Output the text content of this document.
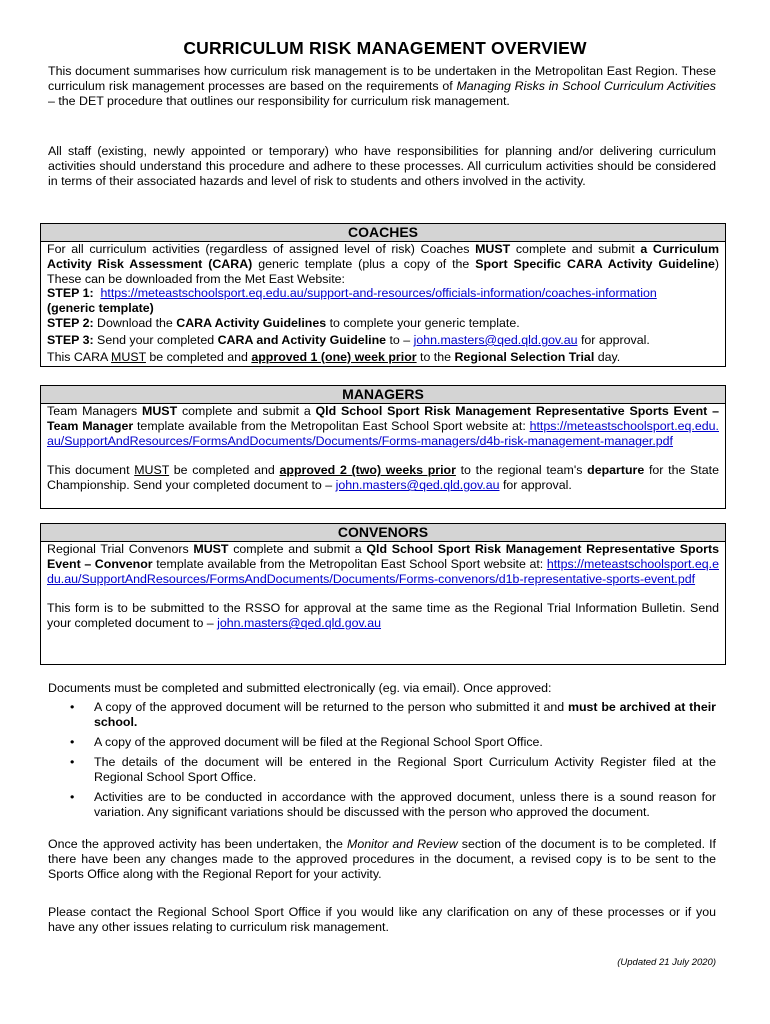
CURRICULUM RISK MANAGEMENT OVERVIEW
This document summarises how curriculum risk management is to be undertaken in the Metropolitan East Region. These curriculum risk management processes are based on the requirements of Managing Risks in School Curriculum Activities – the DET procedure that outlines our responsibility for curriculum risk management.
All staff (existing, newly appointed or temporary) who have responsibilities for planning and/or delivering curriculum activities should understand this procedure and adhere to these processes. All curriculum activities should be considered in terms of their associated hazards and level of risk to students and others involved in the activity.
COACHES

For all curriculum activities (regardless of assigned level of risk) Coaches MUST complete and submit a Curriculum Activity Risk Assessment (CARA) generic template (plus a copy of the Sport Specific CARA Activity Guideline) These can be downloaded from the Met East Website:

STEP 1: https://meteastschoolsport.eq.edu.au/support-and-resources/officials-information/coaches-information
(generic template)

STEP 2: Download the CARA Activity Guidelines to complete your generic template.

STEP 3: Send your completed CARA and Activity Guideline to – john.masters@qed.qld.gov.au for approval.

This CARA MUST be completed and approved 1 (one) week prior to the Regional Selection Trial day.

MANAGERS

Team Managers MUST complete and submit a Qld School Sport Risk Management Representative Sports Event – Team Manager template available from the Metropolitan East School Sport website at: https://meteastschoolsport.eq.edu.au/SupportAndResources/FormsAndDocuments/Documents/Forms-managers/d4b-risk-management-manager.pdf

This document MUST be completed and approved 2 (two) weeks prior to the regional team's departure for the State Championship. Send your completed document to – john.masters@qed.qld.gov.au for approval.

CONVENORS

Regional Trial Convenors MUST complete and submit a Qld School Sport Risk Management Representative Sports Event – Convenor template available from the Metropolitan East School Sport website at: https://meteastschoolsport.eq.edu.au/SupportAndResources/FormsAndDocuments/Documents/Forms-convenors/d1b-representative-sports-event.pdf

This form is to be submitted to the RSSO for approval at the same time as the Regional Trial Information Bulletin. Send your completed document to – john.masters@qed.qld.gov.au

Documents must be completed and submitted electronically (eg. via email). Once approved:
• A copy of the approved document will be returned to the person who submitted it and must be archived at their school.
• A copy of the approved document will be filed at the Regional School Sport Office.
• The details of the document will be entered in the Regional Sport Curriculum Activity Register filed at the Regional School Sport Office.
• Activities are to be conducted in accordance with the approved document, unless there is a sound reason for variation. Any significant variations should be discussed with the person who approved the document.
Once the approved activity has been undertaken, the Monitor and Review section of the document is to be completed. If there have been any changes made to the approved procedures in the document, a revised copy is to be sent to the Sports Office along with the Regional Report for your activity.
Please contact the Regional School Sport Office if you would like any clarification on any of these processes or if you have any other issues relating to curriculum risk management.
(Updated 21 July 2020)
